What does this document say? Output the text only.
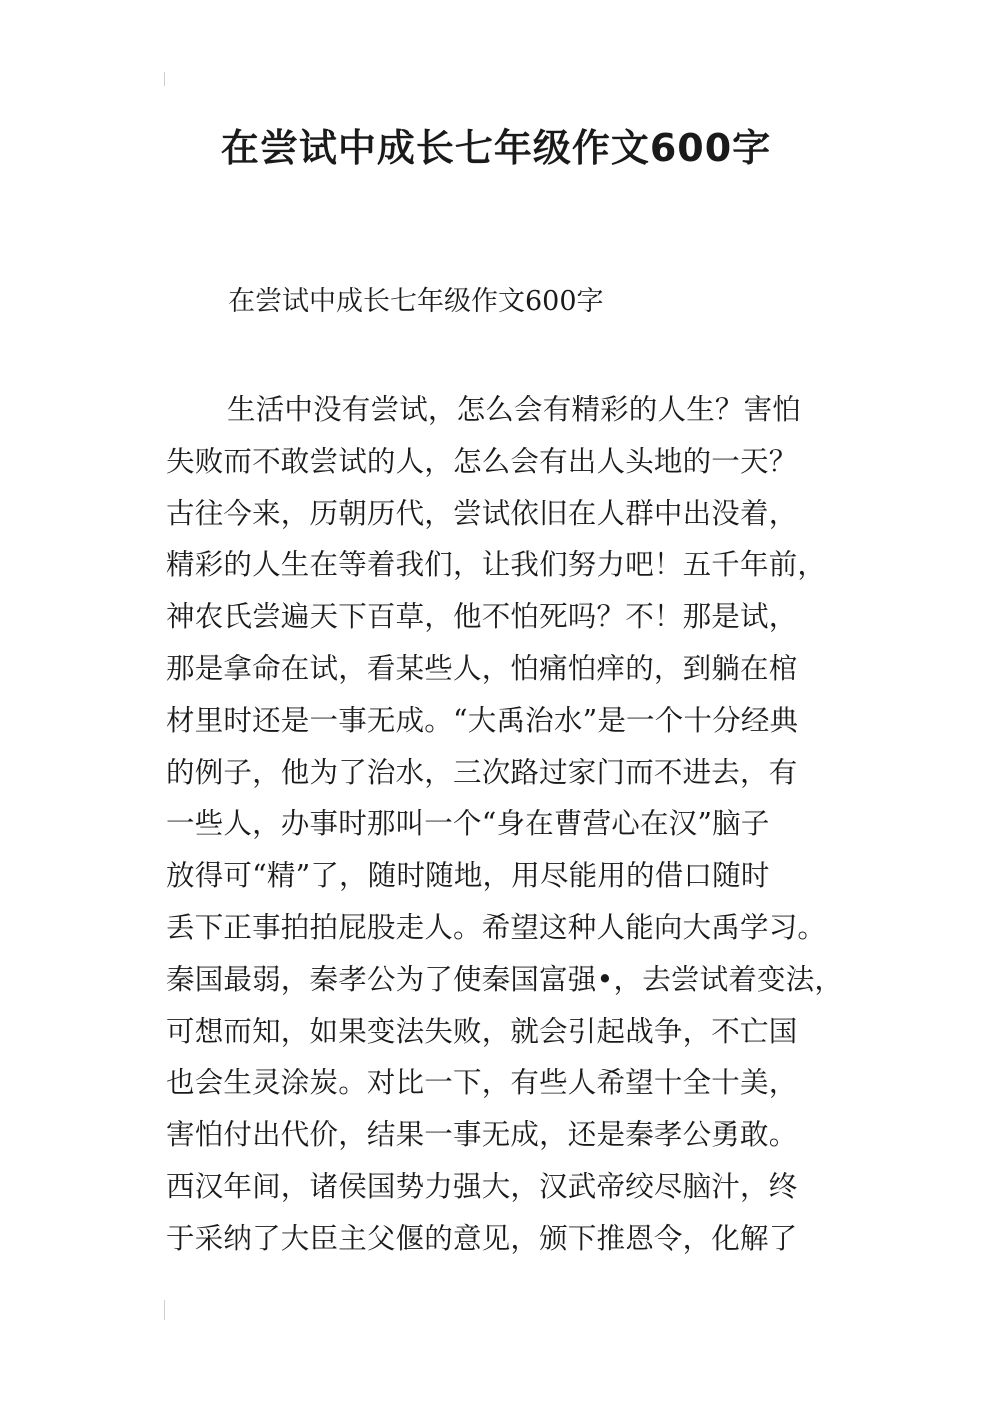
在尝试中成长七年级作文600字

在尝试中成长七年级作文600字

生活中没有尝试，怎么会有精彩的人生？害怕
失败而不敢尝试的人，怎么会有出人头地的一天？
古往今来，历朝历代，尝试依旧在人群中出没着，
精彩的人生在等着我们，让我们努力吧！五千年前，
神农氏尝遍天下百草，他不怕死吗？不！那是试，
那是拿命在试，看某些人，怕痛怕痒的，到躺在棺
材里时还是一事无成。“大禹治水”是一个十分经典
的例子，他为了治水，三次路过家门而不进去，有
一些人，办事时那叫一个“身在曹营心在汉”脑子
放得可“精”了，随时随地，用尽能用的借口随时
丢下正事拍拍屁股走人。希望这种人能向大禹学习。
秦国最弱，秦孝公为了使秦国富强•，去尝试着变法，
可想而知，如果变法失败，就会引起战争，不亡国
也会生灵涂炭。对比一下，有些人希望十全十美，
害怕付出代价，结果一事无成，还是秦孝公勇敢。
西汉年间，诸侯国势力强大，汉武帝绞尽脑汁，终
于采纳了大臣主父偃的意见，颁下推恩令，化解了
